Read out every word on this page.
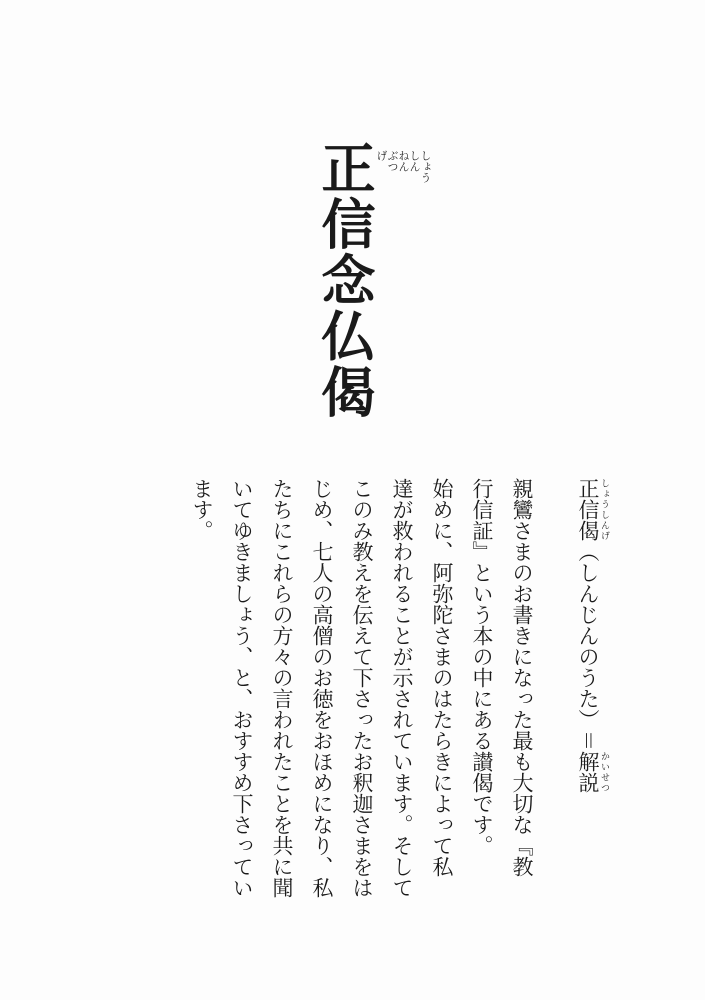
正信念仏偈	しょう
しん
ねん
ぶつ
げ
正信偈 しょうしんげ（しんじんのうた）＝解説 かいせつ
親鸞さまのお書きになった最も大切な『教
行信証』という本の中にある讃偈です。
始めに、阿弥陀さまのはたらきによって私
達が救われることが示されています。そして
このみ教えを伝えて下さったお釈迦さまをは
じめ、七人の高僧のお徳をおほめになり、私
たちにこれらの方々の言われたことを共に聞
いてゆきましょう、と、おすすめ下さってい
ます。
